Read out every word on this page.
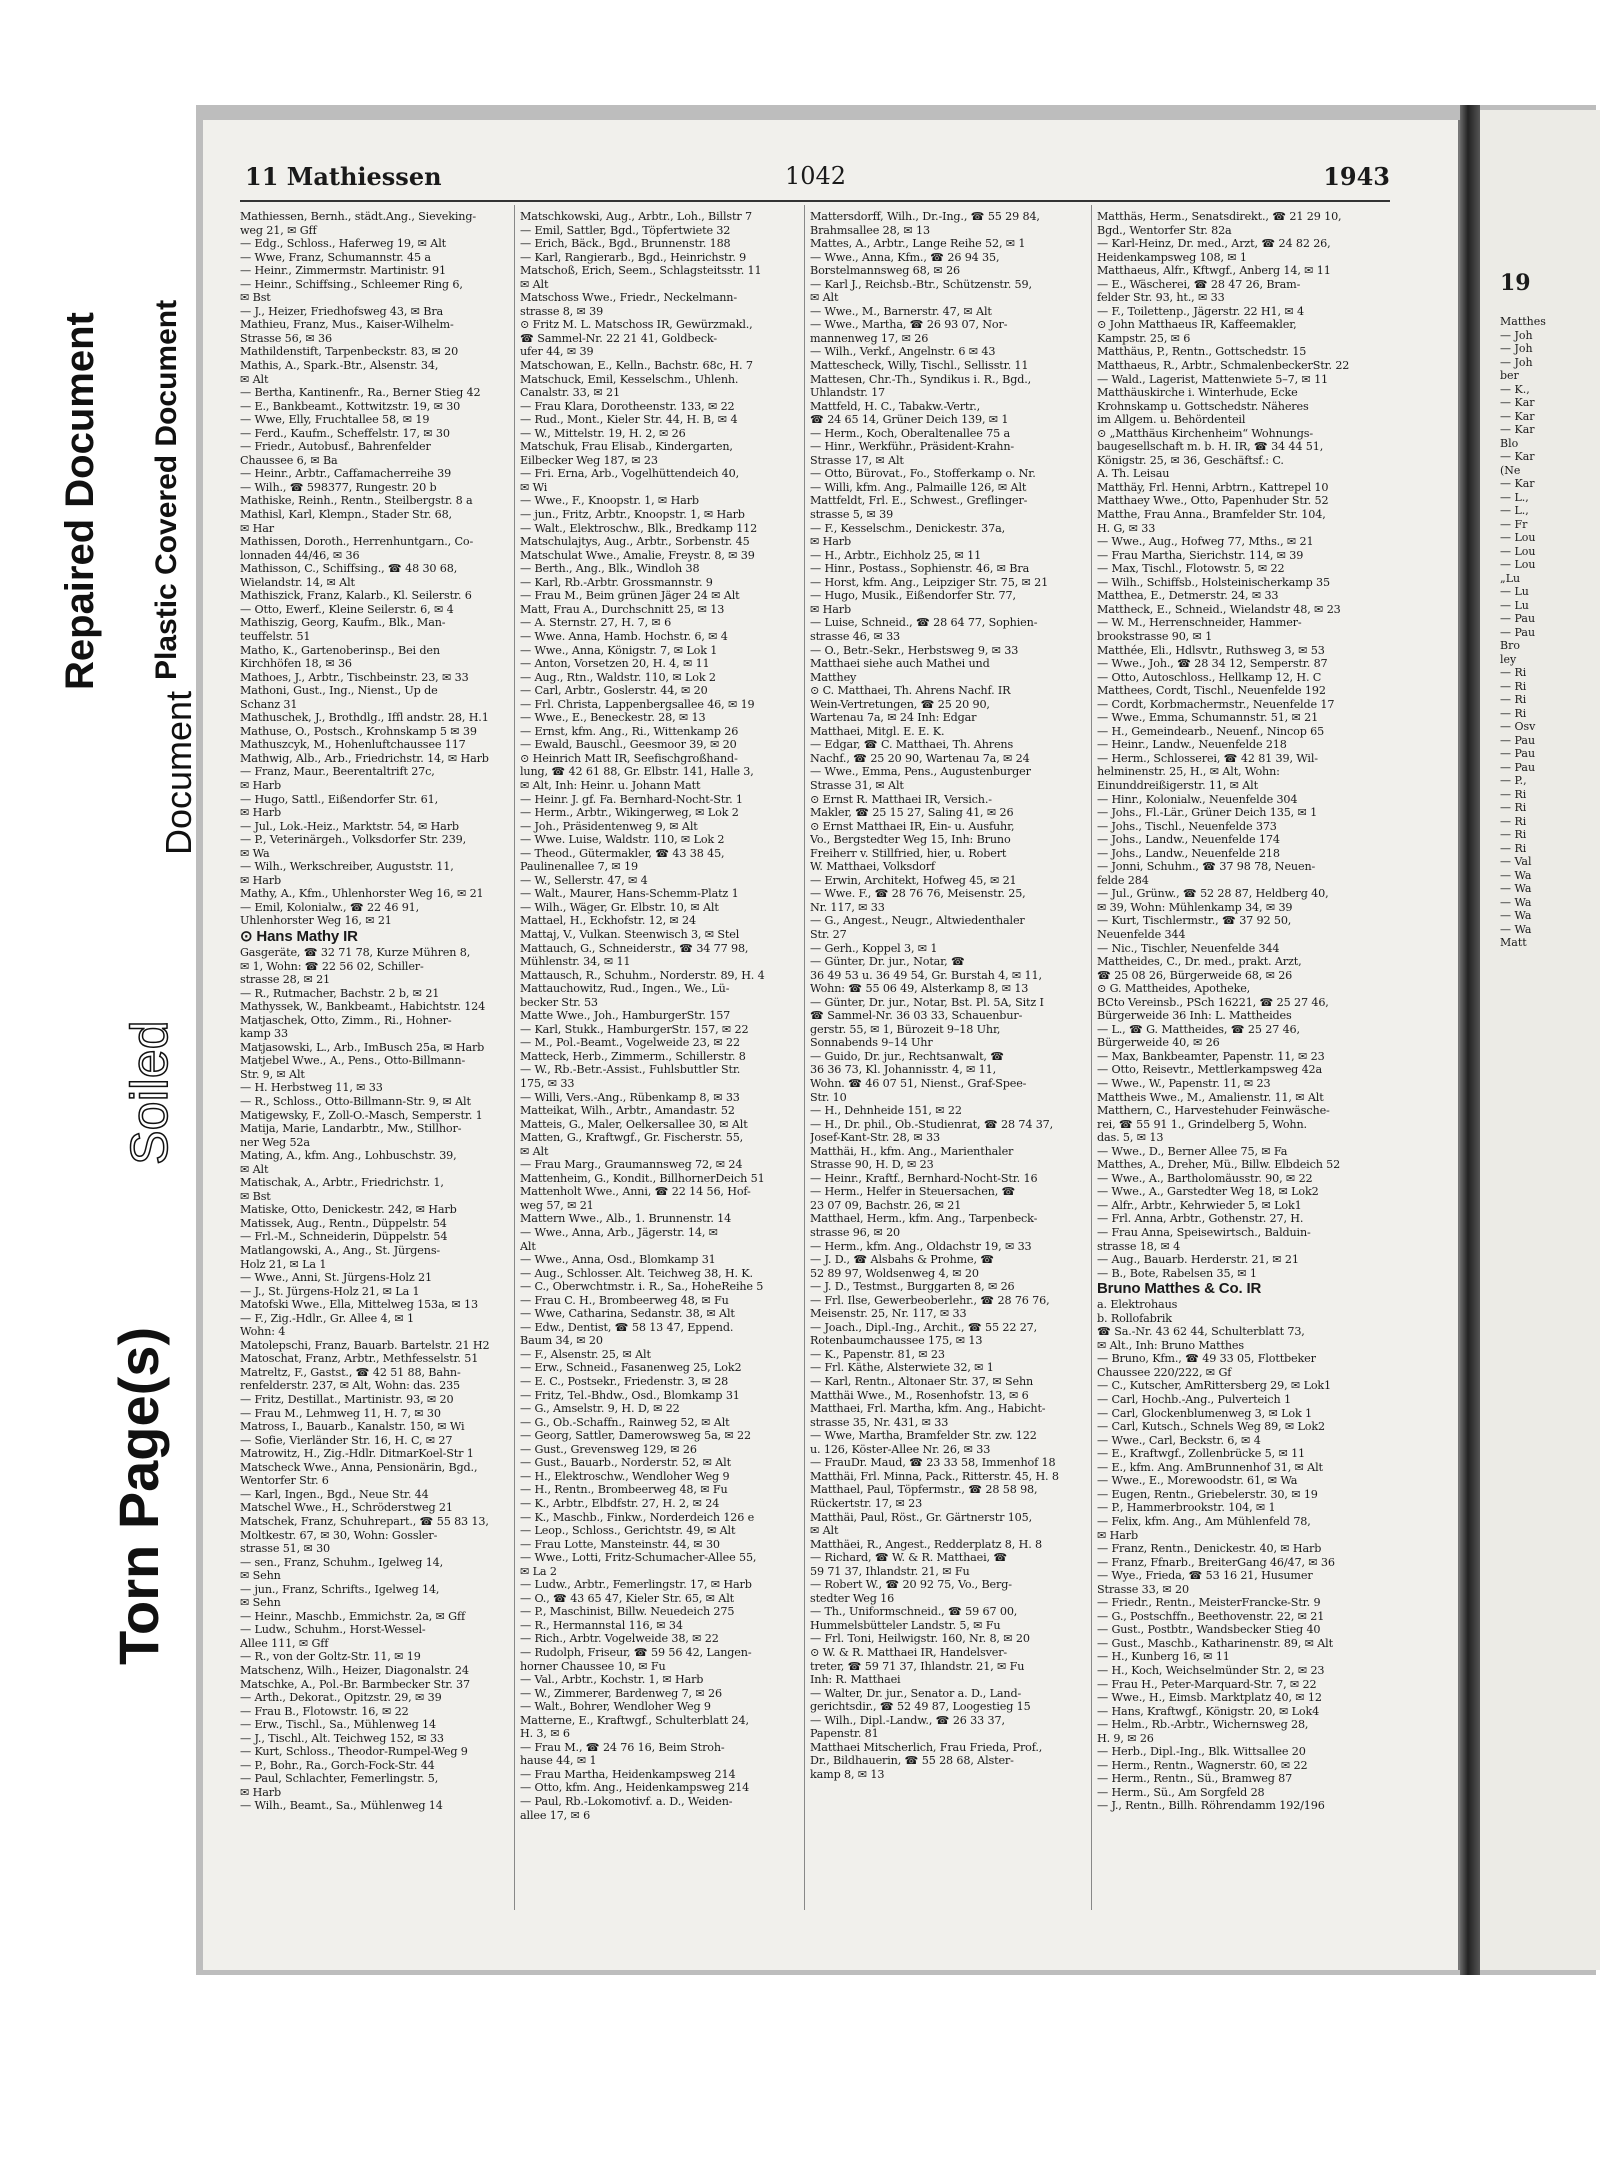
19
Matthes
— Joh
— Joh
— Joh
ber
— K.,
— Kar
— Kar
— Kar
Blo
— Kar
(Ne
— Kar
— L.,
— L.,
— Fr
— Lou
— Lou
— Lou
„Lu
— Lu
— Lu
— Pau
— Pau
Bro
ley
— Ri
— Ri
— Ri
— Ri
— Osv
— Pau
— Pau
— Pau
— P.,
— Ri
— Ri
— Ri
— Ri
— Ri
— Val
— Wa
— Wa
— Wa
— Wa
— Wa
Matt
Repaired Document Plastic Covered Document
Soiled
Document
Torn Page(s)
11 Mathiessen	1042	1943
Mathiessen, Bernh., städt.Ang., Sieveking-
weg 21, ✉ Gff
— Edg., Schloss., Haferweg 19, ✉ Alt
— Wwe, Franz, Schumannstr. 45 a
— Heinr., Zimmermstr. Martinistr. 91
— Heinr., Schiffsing., Schleemer Ring 6,
✉ Bst
— J., Heizer, Friedhofsweg 43, ✉ Bra
Mathieu, Franz, Mus., Kaiser-Wilhelm-
Strasse 56, ✉ 36
Mathildenstift, Tarpenbeckstr. 83, ✉ 20
Mathis, A., Spark.-Btr., Alsenstr. 34,
✉ Alt
— Bertha, Kantinenfr., Ra., Berner Stieg 42
— E., Bankbeamt., Kottwitzstr. 19, ✉ 30
— Wwe, Elly, Fruchtallee 58, ✉ 19
— Ferd., Kaufm., Scheffelstr. 17, ✉ 30
— Friedr., Autobusf., Bahrenfelder
Chaussee 6, ✉ Ba
— Heinr., Arbtr., Caffamacherreihe 39
— Wilh., ☎ 598377, Rungestr. 20 b
Mathiske, Reinh., Rentn., Steilbergstr. 8 a
Mathisl, Karl, Klempn., Stader Str. 68,
✉ Har
Mathissen, Doroth., Herrenhuntgarn., Co-
lonnaden 44/46, ✉ 36
Mathisson, C., Schiffsing., ☎ 48 30 68,
Wielandstr. 14, ✉ Alt
Mathiszick, Franz, Kalarb., Kl. Seilerstr. 6
— Otto, Ewerf., Kleine Seilerstr. 6, ✉ 4
Mathiszig, Georg, Kaufm., Blk., Man-
teuffelstr. 51
Matho, K., Gartenoberinsp., Bei den
Kirchhöfen 18, ✉ 36
Mathoes, J., Arbtr., Tischbeinstr. 23, ✉ 33
Mathoni, Gust., Ing., Nienst., Up de
Schanz 31
Mathuschek, J., Brothdlg., Iffl andstr. 28, H.1
Mathuse, O., Postsch., Krohnskamp 5 ✉ 39
Mathuszcyk, M., Hohenluftchaussee 117
Mathwig, Alb., Arb., Friedrichstr. 14, ✉ Harb
— Franz, Maur., Beerentaltrift 27c,
✉ Harb
— Hugo, Sattl., Eißendorfer Str. 61,
✉ Harb
— Jul., Lok.-Heiz., Marktstr. 54, ✉ Harb
— P., Veterinärgeh., Volksdorfer Str. 239,
✉ Wa
— Wilh., Werkschreiber, Auguststr. 11,
✉ Harb
Mathy, A., Kfm., Uhlenhorster Weg 16, ✉ 21
— Emil, Kolonialw., ☎ 22 46 91,
Uhlenhorster Weg 16, ✉ 21
⊙ Hans Mathy IR
Gasgeräte, ☎ 32 71 78, Kurze Mühren 8,
✉ 1, Wohn: ☎ 22 56 02, Schiller-
strasse 28, ✉ 21
— R., Rutmacher, Bachstr. 2 b, ✉ 21
Mathyssek, W., Bankbeamt., Habichtstr. 124
Matjaschek, Otto, Zimm., Ri., Hohner-
kamp 33
Matjasowski, L., Arb., ImBusch 25a, ✉ Harb
Matjebel Wwe., A., Pens., Otto-Billmann-
Str. 9, ✉ Alt
— H. Herbstweg 11, ✉ 33
— R., Schloss., Otto-Billmann-Str. 9, ✉ Alt
Matigewsky, F., Zoll-O.-Masch, Semperstr. 1
Matija, Marie, Landarbtr., Mw., Stillhor-
ner Weg 52a
Mating, A., kfm. Ang., Lohbuschstr. 39,
✉ Alt
Matischak, A., Arbtr., Friedrichstr. 1,
✉ Bst
Matiske, Otto, Denickestr. 242, ✉ Harb
Matissek, Aug., Rentn., Düppelstr. 54
— Frl.-M., Schneiderin, Düppelstr. 54
Matlangowski, A., Ang., St. Jürgens-
Holz 21, ✉ La 1
— Wwe., Anni, St. Jürgens-Holz 21
— J., St. Jürgens-Holz 21, ✉ La 1
Matofski Wwe., Ella, Mittelweg 153a, ✉ 13
— F., Zig.-Hdlr., Gr. Allee 4, ✉ 1
Wohn: 4
Matolepschi, Franz, Bauarb. Bartelstr. 21 H2
Matoschat, Franz, Arbtr., Methfesselstr. 51
Matreltz, F., Gastst., ☎ 42 51 88, Bahn-
renfelderstr. 237, ✉ Alt, Wohn: das. 235
— Fritz, Destillat., Martinistr. 93, ✉ 20
— Frau M., Lehmweg 11, H. 7, ✉ 30
Matross, I., Bauarb., Kanalstr. 150, ✉ Wi
— Sofie, Vierländer Str. 16, H. C, ✉ 27
Matrowitz, H., Zig.-Hdlr. DitmarKoel-Str 1
Matscheck Wwe., Anna, Pensionärin, Bgd.,
Wentorfer Str. 6
— Karl, Ingen., Bgd., Neue Str. 44
Matschel Wwe., H., Schröderstweg 21
Matschek, Franz, Schuhrepart., ☎ 55 83 13,
Moltkestr. 67, ✉ 30, Wohn: Gossler-
strasse 51, ✉ 30
— sen., Franz, Schuhm., Igelweg 14,
✉ Sehn
— jun., Franz, Schrifts., Igelweg 14,
✉ Sehn
— Heinr., Maschb., Emmichstr. 2a, ✉ Gff
— Ludw., Schuhm., Horst-Wessel-
Allee 111, ✉ Gff
— R., von der Goltz-Str. 11, ✉ 19
Matschenz, Wilh., Heizer, Diagonalstr. 24
Matschke, A., Pol.-Br. Barmbecker Str. 37
— Arth., Dekorat., Opitzstr. 29, ✉ 39
— Frau B., Flotowstr. 16, ✉ 22
— Erw., Tischl., Sa., Mühlenweg 14
— J., Tischl., Alt. Teichweg 152, ✉ 33
— Kurt, Schloss., Theodor-Rumpel-Weg 9
— P., Bohr., Ra., Gorch-Fock-Str. 44
— Paul, Schlachter, Femerlingstr. 5,
✉ Harb
— Wilh., Beamt., Sa., Mühlenweg 14
Matschkowski, Aug., Arbtr., Loh., Billstr 7
— Emil, Sattler, Bgd., Töpfertwiete 32
— Erich, Bäck., Bgd., Brunnenstr. 188
— Karl, Rangierarb., Bgd., Heinrichstr. 9
Matschoß, Erich, Seem., Schlagsteitsstr. 11
✉ Alt
Matschoss Wwe., Friedr., Neckelmann-
strasse 8, ✉ 39
⊙ Fritz M. L. Matschoss IR, Gewürzmakl.,
☎ Sammel-Nr. 22 21 41, Goldbeck-
ufer 44, ✉ 39
Matschowan, E., Kelln., Bachstr. 68c, H. 7
Matschuck, Emil, Kesselschm., Uhlenh.
Canalstr. 33, ✉ 21
— Frau Klara, Dorotheenstr. 133, ✉ 22
— Rud., Mont., Kieler Str. 44, H. B, ✉ 4
— W., Mittelstr. 19, H. 2, ✉ 26
Matschuk, Frau Elisab., Kindergarten,
Eilbecker Weg 187, ✉ 23
— Fri. Erna, Arb., Vogelhüttendeich 40,
✉ Wi
— Wwe., F., Knoopstr. 1, ✉ Harb
— jun., Fritz, Arbtr., Knoopstr. 1, ✉ Harb
— Walt., Elektroschw., Blk., Bredkamp 112
Matschulajtys, Aug., Arbtr., Sorbenstr. 45
Matschulat Wwe., Amalie, Freystr. 8, ✉ 39
— Berth., Ang., Blk., Windloh 38
— Karl, Rb.-Arbtr. Grossmannstr. 9
— Frau M., Beim grünen Jäger 24 ✉ Alt
Matt, Frau A., Durchschnitt 25, ✉ 13
— A. Sternstr. 27, H. 7, ✉ 6
— Wwe. Anna, Hamb. Hochstr. 6, ✉ 4
— Wwe., Anna, Königstr. 7, ✉ Lok 1
— Anton, Vorsetzen 20, H. 4, ✉ 11
— Aug., Rtn., Waldstr. 110, ✉ Lok 2
— Carl, Arbtr., Goslerstr. 44, ✉ 20
— Frl. Christa, Lappenbergsallee 46, ✉ 19
— Wwe., E., Beneckestr. 28, ✉ 13
— Ernst, kfm. Ang., Ri., Wittenkamp 26
— Ewald, Bauschl., Geesmoor 39, ✉ 20
⊙ Heinrich Matt IR, Seefischgroßhand-
lung, ☎ 42 61 88, Gr. Elbstr. 141, Halle 3,
✉ Alt, Inh: Heinr. u. Johann Matt
— Heinr. J. gf. Fa. Bernhard-Nocht-Str. 1
— Herm., Arbtr., Wikingerweg, ✉ Lok 2
— Joh., Präsidentenweg 9, ✉ Alt
— Wwe. Luise, Waldstr. 110, ✉ Lok 2
— Theod., Gütermakler, ☎ 43 38 45,
Paulinenallee 7, ✉ 19
— W., Sellerstr. 47, ✉ 4
— Walt., Maurer, Hans-Schemm-Platz 1
— Wilh., Wäger, Gr. Elbstr. 10, ✉ Alt
Mattael, H., Eckhofstr. 12, ✉ 24
Mattaj, V., Vulkan. Steenwisch 3, ✉ Stel
Mattauch, G., Schneiderstr., ☎ 34 77 98,
Mühlenstr. 34, ✉ 11
Mattausch, R., Schuhm., Norderstr. 89, H. 4
Mattauchowitz, Rud., Ingen., We., Lü-
becker Str. 53
Matte Wwe., Joh., HamburgerStr. 157
— Karl, Stukk., HamburgerStr. 157, ✉ 22
— M., Pol.-Beamt., Vogelweide 23, ✉ 22
Matteck, Herb., Zimmerm., Schillerstr. 8
— W., Rb.-Betr.-Assist., Fuhlsbuttler Str.
175, ✉ 33
— Willi, Vers.-Ang., Rübenkamp 8, ✉ 33
Matteikat, Wilh., Arbtr., Amandastr. 52
Matteis, G., Maler, Oelkersallee 30, ✉ Alt
Matten, G., Kraftwgf., Gr. Fischerstr. 55,
✉ Alt
— Frau Marg., Graumannsweg 72, ✉ 24
Mattenheim, G., Kondit., BillhornerDeich 51
Mattenholt Wwe., Anni, ☎ 22 14 56, Hof-
weg 57, ✉ 21
Mattern Wwe., Alb., 1. Brunnenstr. 14
— Wwe., Anna, Arb., Jägerstr. 14, ✉
Alt
— Wwe., Anna, Osd., Blomkamp 31
— Aug., Schlosser. Alt. Teichweg 38, H. K.
— C., Oberwchtmstr. i. R., Sa., HoheReihe 5
— Frau C. H., Brombeerweg 48, ✉ Fu
— Wwe, Catharina, Sedanstr. 38, ✉ Alt
— Edw., Dentist, ☎ 58 13 47, Eppend.
Baum 34, ✉ 20
— F., Alsenstr. 25, ✉ Alt
— Erw., Schneid., Fasanenweg 25, Lok2
— E. C., Postsekr., Friedenstr. 3, ✉ 28
— Fritz, Tel.-Bhdw., Osd., Blomkamp 31
— G., Amselstr. 9, H. D, ✉ 22
— G., Ob.-Schaffn., Rainweg 52, ✉ Alt
— Georg, Sattler, Damerowsweg 5a, ✉ 22
— Gust., Grevensweg 129, ✉ 26
— Gust., Bauarb., Norderstr. 52, ✉ Alt
— H., Elektroschw., Wendloher Weg 9
— H., Rentn., Brombeerweg 48, ✉ Fu
— K., Arbtr., Elbdfstr. 27, H. 2, ✉ 24
— K., Maschb., Finkw., Norderdeich 126 e
— Leop., Schloss., Gerichtstr. 49, ✉ Alt
— Frau Lotte, Mansteinstr. 44, ✉ 30
— Wwe., Lotti, Fritz-Schumacher-Allee 55,
✉ La 2
— Ludw., Arbtr., Femerlingstr. 17, ✉ Harb
— O., ☎ 43 65 47, Kieler Str. 65, ✉ Alt
— P., Maschinist, Billw. Neuedeich 275
— R., Hermannstal 116, ✉ 34
— Rich., Arbtr. Vogelweide 38, ✉ 22
— Rudolph, Friseur, ☎ 59 56 42, Langen-
horner Chaussee 10, ✉ Fu
— Val., Arbtr., Kochstr. 1, ✉ Harb
— W., Zimmerer, Bardenweg 7, ✉ 26
— Walt., Bohrer, Wendloher Weg 9
Matterne, E., Kraftwgf., Schulterblatt 24,
H. 3, ✉ 6
— Frau M., ☎ 24 76 16, Beim Stroh-
hause 44, ✉ 1
— Frau Martha, Heidenkampsweg 214
— Otto, kfm. Ang., Heidenkampsweg 214
— Paul, Rb.-Lokomotivf. a. D., Weiden-
allee 17, ✉ 6
Mattersdorff, Wilh., Dr.-Ing., ☎ 55 29 84,
Brahmsallee 28, ✉ 13
Mattes, A., Arbtr., Lange Reihe 52, ✉ 1
— Wwe., Anna, Kfm., ☎ 26 94 35,
Borstelmannsweg 68, ✉ 26
— Karl J., Reichsb.-Btr., Schützenstr. 59,
✉ Alt
— Wwe., M., Barnerstr. 47, ✉ Alt
— Wwe., Martha, ☎ 26 93 07, Nor-
mannenweg 17, ✉ 26
— Wilh., Verkf., Angelnstr. 6 ✉ 43
Mattescheck, Willy, Tischl., Sellisstr. 11
Mattesen, Chr.-Th., Syndikus i. R., Bgd.,
Uhlandstr. 17
Mattfeld, H. C., Tabakw.-Vertr.,
☎ 24 65 14, Grüner Deich 139, ✉ 1
— Herm., Koch, Oberaltenallee 75 a
— Hinr., Werkführ., Präsident-Krahn-
Strasse 17, ✉ Alt
— Otto, Bürovat., Fo., Stofferkamp o. Nr.
— Willi, kfm. Ang., Palmaille 126, ✉ Alt
Mattfeldt, Frl. E., Schwest., Greflinger-
strasse 5, ✉ 39
— F., Kesselschm., Denickestr. 37a,
✉ Harb
— H., Arbtr., Eichholz 25, ✉ 11
— Hinr., Postass., Sophienstr. 46, ✉ Bra
— Horst, kfm. Ang., Leipziger Str. 75, ✉ 21
— Hugo, Musik., Eißendorfer Str. 77,
✉ Harb
— Luise, Schneid., ☎ 28 64 77, Sophien-
strasse 46, ✉ 33
— O., Betr.-Sekr., Herbstsweg 9, ✉ 33
Matthaei siehe auch Mathei und
Matthey
⊙ C. Matthaei, Th. Ahrens Nachf. IR
Wein-Vertretungen, ☎ 25 20 90,
Wartenau 7a, ✉ 24 Inh: Edgar
Matthaei, Mitgl. E. E. K.
— Edgar, ☎ C. Matthaei, Th. Ahrens
Nachf., ☎ 25 20 90, Wartenau 7a, ✉ 24
— Wwe., Emma, Pens., Augustenburger
Strasse 31, ✉ Alt
⊙ Ernst R. Matthaei IR, Versich.-
Makler, ☎ 25 15 27, Saling 41, ✉ 26
⊙ Ernst Matthaei IR, Ein- u. Ausfuhr,
Vo., Bergstedter Weg 15, Inh: Bruno
Freiherr v. Stillfried, hier, u. Robert
W. Matthaei, Volksdorf
— Erwin, Architekt, Hofweg 45, ✉ 21
— Wwe. F., ☎ 28 76 76, Meisenstr. 25,
Nr. 117, ✉ 33
— G., Angest., Neugr., Altwiedenthaler
Str. 27
— Gerh., Koppel 3, ✉ 1
— Günter, Dr. jur., Notar, ☎
36 49 53 u. 36 49 54, Gr. Burstah 4, ✉ 11,
Wohn: ☎ 55 06 49, Alsterkamp 8, ✉ 13
— Günter, Dr. jur., Notar, Bst. Pl. 5A, Sitz I
☎ Sammel-Nr. 36 03 33, Schauenbur-
gerstr. 55, ✉ 1, Bürozeit 9–18 Uhr,
Sonnabends 9–14 Uhr
— Guido, Dr. jur., Rechtsanwalt, ☎
36 36 73, Kl. Johannisstr. 4, ✉ 11,
Wohn. ☎ 46 07 51, Nienst., Graf-Spee-
Str. 10
— H., Dehnheide 151, ✉ 22
— H., Dr. phil., Ob.-Studienrat, ☎ 28 74 37,
Josef-Kant-Str. 28, ✉ 33
Matthäi, H., kfm. Ang., Marienthaler
Strasse 90, H. D, ✉ 23
— Heinr., Kraftf., Bernhard-Nocht-Str. 16
— Herm., Helfer in Steuersachen, ☎
23 07 09, Bachstr. 26, ✉ 21
Matthael, Herm., kfm. Ang., Tarpenbeck-
strasse 96, ✉ 20
— Herm., kfm. Ang., Oldachstr 19, ✉ 33
— J. D., ☎ Alsbahs & Prohme, ☎
52 89 97, Woldsenweg 4, ✉ 20
— J. D., Testmst., Burggarten 8, ✉ 26
— Frl. Ilse, Gewerbeoberlehr., ☎ 28 76 76,
Meisenstr. 25, Nr. 117, ✉ 33
— Joach., Dipl.-Ing., Archit., ☎ 55 22 27,
Rotenbaumchaussee 175, ✉ 13
— K., Papenstr. 81, ✉ 23
— Frl. Käthe, Alsterwiete 32, ✉ 1
— Karl, Rentn., Altonaer Str. 37, ✉ Sehn
Matthäi Wwe., M., Rosenhofstr. 13, ✉ 6
Matthaei, Frl. Martha, kfm. Ang., Habicht-
strasse 35, Nr. 431, ✉ 33
— Wwe, Martha, Bramfelder Str. zw. 122
u. 126, Köster-Allee Nr. 26, ✉ 33
— FrauDr. Maud, ☎ 23 33 58, Immenhof 18
Matthäi, Frl. Minna, Pack., Ritterstr. 45, H. 8
Matthael, Paul, Töpfermstr., ☎ 28 58 98,
Rückertstr. 17, ✉ 23
Matthäi, Paul, Röst., Gr. Gärtnerstr 105,
✉ Alt
Matthäei, R., Angest., Redderplatz 8, H. 8
— Richard, ☎ W. & R. Matthaei, ☎
59 71 37, Ihlandstr. 21, ✉ Fu
— Robert W., ☎ 20 92 75, Vo., Berg-
stedter Weg 16
— Th., Uniformschneid., ☎ 59 67 00,
Hummelsbütteler Landstr. 5, ✉ Fu
— Frl. Toni, Heilwigstr. 160, Nr. 8, ✉ 20
⊙ W. & R. Matthaei IR, Handelsver-
treter, ☎ 59 71 37, Ihlandstr. 21, ✉ Fu
Inh: R. Matthaei
— Walter, Dr. jur., Senator a. D., Land-
gerichtsdir., ☎ 52 49 87, Loogestieg 15
— Wilh., Dipl.-Landw., ☎ 26 33 37,
Papenstr. 81
Matthaei Mitscherlich, Frau Frieda, Prof.,
Dr., Bildhauerin, ☎ 55 28 68, Alster-
kamp 8, ✉ 13
Matthäs, Herm., Senatsdirekt., ☎ 21 29 10,
Bgd., Wentorfer Str. 82a
— Karl-Heinz, Dr. med., Arzt, ☎ 24 82 26,
Heidenkampsweg 108, ✉ 1
Matthaeus, Alfr., Kftwgf., Anberg 14, ✉ 11
— E., Wäscherei, ☎ 28 47 26, Bram-
felder Str. 93, ht., ✉ 33
— F., Toilettenp., Jägerstr. 22 H1, ✉ 4
⊙ John Matthaeus IR, Kaffeemakler,
Kampstr. 25, ✉ 6
Matthäus, P., Rentn., Gottschedstr. 15
Matthaeus, R., Arbtr., SchmalenbeckerStr. 22
— Wald., Lagerist, Mattenwiete 5–7, ✉ 11
Matthäuskirche i. Winterhude, Ecke
Krohnskamp u. Gottschedstr. Näheres
im Allgem. u. Behördenteil
⊙ „Matthäus Kirchenheim“ Wohnungs-
baugesellschaft m. b. H. IR, ☎ 34 44 51,
Königstr. 25, ✉ 36, Geschäftsf.: C.
A. Th. Leisau
Matthäy, Frl. Henni, Arbtrn., Kattrepel 10
Matthaey Wwe., Otto, Papenhuder Str. 52
Matthe, Frau Anna., Bramfelder Str. 104,
H. G, ✉ 33
— Wwe., Aug., Hofweg 77, Mths., ✉ 21
— Frau Martha, Sierichstr. 114, ✉ 39
— Max, Tischl., Flotowstr. 5, ✉ 22
— Wilh., Schiffsb., Holsteinischerkamp 35
Matthea, E., Detmerstr. 24, ✉ 33
Mattheck, E., Schneid., Wielandstr 48, ✉ 23
— W. M., Herrenschneider, Hammer-
brookstrasse 90, ✉ 1
Matthée, Eli., Hdlsvtr., Ruthsweg 3, ✉ 53
— Wwe., Joh., ☎ 28 34 12, Semperstr. 87
— Otto, Autoschloss., Hellkamp 12, H. C
Matthees, Cordt, Tischl., Neuenfelde 192
— Cordt, Korbmachermstr., Neuenfelde 17
— Wwe., Emma, Schumannstr. 51, ✉ 21
— H., Gemeindearb., Neuenf., Nincop 65
— Heinr., Landw., Neuenfelde 218
— Herm., Schlosserei, ☎ 42 81 39, Wil-
helminenstr. 25, H., ✉ Alt, Wohn:
Einunddreißigerstr. 11, ✉ Alt
— Hinr., Kolonialw., Neuenfelde 304
— Johs., Fl.-Lär., Grüner Deich 135, ✉ 1
— Johs., Tischl., Neuenfelde 373
— Johs., Landw., Neuenfelde 174
— Johs., Landw., Neuenfelde 218
— Jonni, Schuhm., ☎ 37 98 78, Neuen-
felde 284
— Jul., Grünw., ☎ 52 28 87, Heldberg 40,
✉ 39, Wohn: Mühlenkamp 34, ✉ 39
— Kurt, Tischlermstr., ☎ 37 92 50,
Neuenfelde 344
— Nic., Tischler, Neuenfelde 344
Mattheides, C., Dr. med., prakt. Arzt,
☎ 25 08 26, Bürgerweide 68, ✉ 26
⊙ G. Mattheides, Apotheke,
BCto Vereinsb., PSch 16221, ☎ 25 27 46,
Bürgerweide 36 Inh: L. Mattheides
— L., ☎ G. Mattheides, ☎ 25 27 46,
Bürgerweide 40, ✉ 26
— Max, Bankbeamter, Papenstr. 11, ✉ 23
— Otto, Reisevtr., Mettlerkampsweg 42a
— Wwe., W., Papenstr. 11, ✉ 23
Mattheis Wwe., M., Amalienstr. 11, ✉ Alt
Matthern, C., Harvestehuder Feinwäsche-
rei, ☎ 55 91 1., Grindelberg 5, Wohn.
das. 5, ✉ 13
— Wwe., D., Berner Allee 75, ✉ Fa
Matthes, A., Dreher, Mü., Billw. Elbdeich 52
— Wwe., A., Bartholomäusstr. 90, ✉ 22
— Wwe., A., Garstedter Weg 18, ✉ Lok2
— Alfr., Arbtr., Kehrwieder 5, ✉ Lok1
— Frl. Anna, Arbtr., Gothenstr. 27, H.
— Frau Anna, Speisewirtsch., Balduin-
strasse 18, ✉ 4
— Aug., Bauarb. Herderstr. 21, ✉ 21
— B., Bote, Rabelsen 35, ✉ 1
Bruno Matthes & Co. IR
a. Elektrohaus
b. Rollofabrik
☎ Sa.-Nr. 43 62 44, Schulterblatt 73,
✉ Alt., Inh: Bruno Matthes
— Bruno, Kfm., ☎ 49 33 05, Flottbeker
Chaussee 220/222, ✉ Gf
— C., Kutscher, AmRittersberg 29, ✉ Lok1
— Carl, Hochb.-Ang., Pulverteich 1
— Carl, Glockenblumenweg 3, ✉ Lok 1
— Carl, Kutsch., Schnels Weg 89, ✉ Lok2
— Wwe., Carl, Beckstr. 6, ✉ 4
— E., Kraftwgf., Zollenbrücke 5, ✉ 11
— E., kfm. Ang. AmBrunnenhof 31, ✉ Alt
— Wwe., E., Morewoodstr. 61, ✉ Wa
— Eugen, Rentn., Griebelerstr. 30, ✉ 19
— P., Hammerbrookstr. 104, ✉ 1
— Felix, kfm. Ang., Am Mühlenfeld 78,
✉ Harb
— Franz, Rentn., Denickestr. 40, ✉ Harb
— Franz, Ffnarb., BreiterGang 46/47, ✉ 36
— Wye., Frieda, ☎ 53 16 21, Husumer
Strasse 33, ✉ 20
— Friedr., Rentn., MeisterFrancke-Str. 9
— G., Postschffn., Beethovenstr. 22, ✉ 21
— Gust., Postbtr., Wandsbecker Stieg 40
— Gust., Maschb., Katharinenstr. 89, ✉ Alt
— H., Kunberg 16, ✉ 11
— H., Koch, Weichselmünder Str. 2, ✉ 23
— Frau H., Peter-Marquard-Str. 7, ✉ 22
— Wwe., H., Eimsb. Marktplatz 40, ✉ 12
— Hans, Kraftwgf., Königstr. 20, ✉ Lok4
— Helm., Rb.-Arbtr., Wichernsweg 28,
H. 9, ✉ 26
— Herb., Dipl.-Ing., Blk. Wittsallee 20
— Herm., Rentn., Wagnerstr. 60, ✉ 22
— Herm., Rentn., Sü., Bramweg 87
— Herm., Sü., Am Sorgfeld 28
— J., Rentn., Billh. Röhrendamm 192/196
